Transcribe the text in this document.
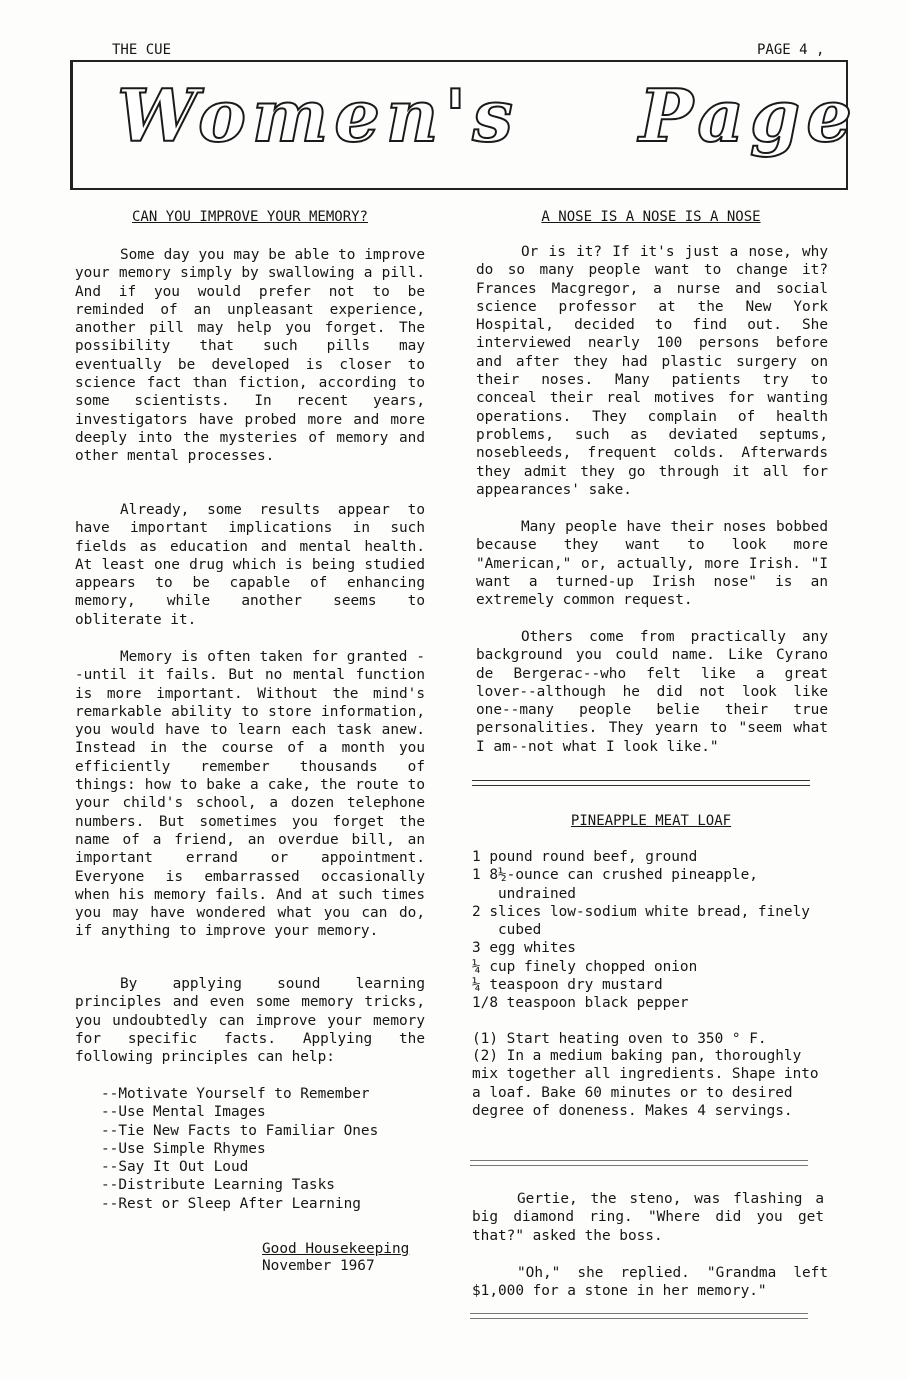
THE CUE	PAGE 4 ,
Women's Page
CAN YOU IMPROVE YOUR MEMORY?

Some day you may be able to improve your memory simply by swallowing a pill. And if you would prefer not to be reminded of an unpleasant experience, another pill may help you forget. The possibility that such pills may eventually be developed is closer to science fact than fiction, according to some scientists. In recent years, investigators have probed more and more deeply into the mysteries of memory and other mental processes.

Already, some results appear to have important implications in such fields as education and mental health. At least one drug which is being studied appears to be capable of enhancing memory, while another seems to obliterate it.

Memory is often taken for granted --until it fails. But no mental function is more important. Without the mind's remarkable ability to store information, you would have to learn each task anew. Instead in the course of a month you efficiently remember thousands of things: how to bake a cake, the route to your child's school, a dozen telephone numbers. But sometimes you forget the name of a friend, an overdue bill, an important errand or appointment. Everyone is embarrassed occasionally when his memory fails. And at such times you may have wondered what you can do, if anything to improve your memory.

By applying sound learning principles and even some memory tricks, you undoubtedly can improve your memory for specific facts. Applying the following principles can help:

--Motivate Yourself to Remember
--Use Mental Images
--Tie New Facts to Familiar Ones
--Use Simple Rhymes
--Say It Out Loud
--Distribute Learning Tasks
--Rest or Sleep After Learning
Good Housekeeping
November 1967
A NOSE IS A NOSE IS A NOSE

Or is it? If it's just a nose, why do so many people want to change it? Frances Macgregor, a nurse and social science professor at the New York Hospital, decided to find out. She interviewed nearly 100 persons before and after they had plastic surgery on their noses. Many patients try to conceal their real motives for wanting operations. They complain of health problems, such as deviated septums, nosebleeds, frequent colds. Afterwards they admit they go through it all for appearances' sake.

Many people have their noses bobbed because they want to look more "American," or, actually, more Irish. "I want a turned-up Irish nose" is an extremely common request.

Others come from practically any background you could name. Like Cyrano de Bergerac--who felt like a great lover--although he did not look like one--many people belie their true personalities. They yearn to "seem what I am--not what I look like."

PINEAPPLE MEAT LOAF
1 pound round beef, ground
1 8½-ounce can crushed pineapple, undrained
2 slices low-sodium white bread, finely cubed
3 egg whites
¼ cup finely chopped onion
¼ teaspoon dry mustard
1/8 teaspoon black pepper
(1) Start heating oven to 350 ° F.
(2) In a medium baking pan, thoroughly mix together all ingredients. Shape into a loaf. Bake 60 minutes or to desired degree of doneness. Makes 4 servings.

Gertie, the steno, was flashing a big diamond ring. "Where did you get that?" asked the boss.

"Oh," she replied. "Grandma left $1,000 for a stone in her memory."
